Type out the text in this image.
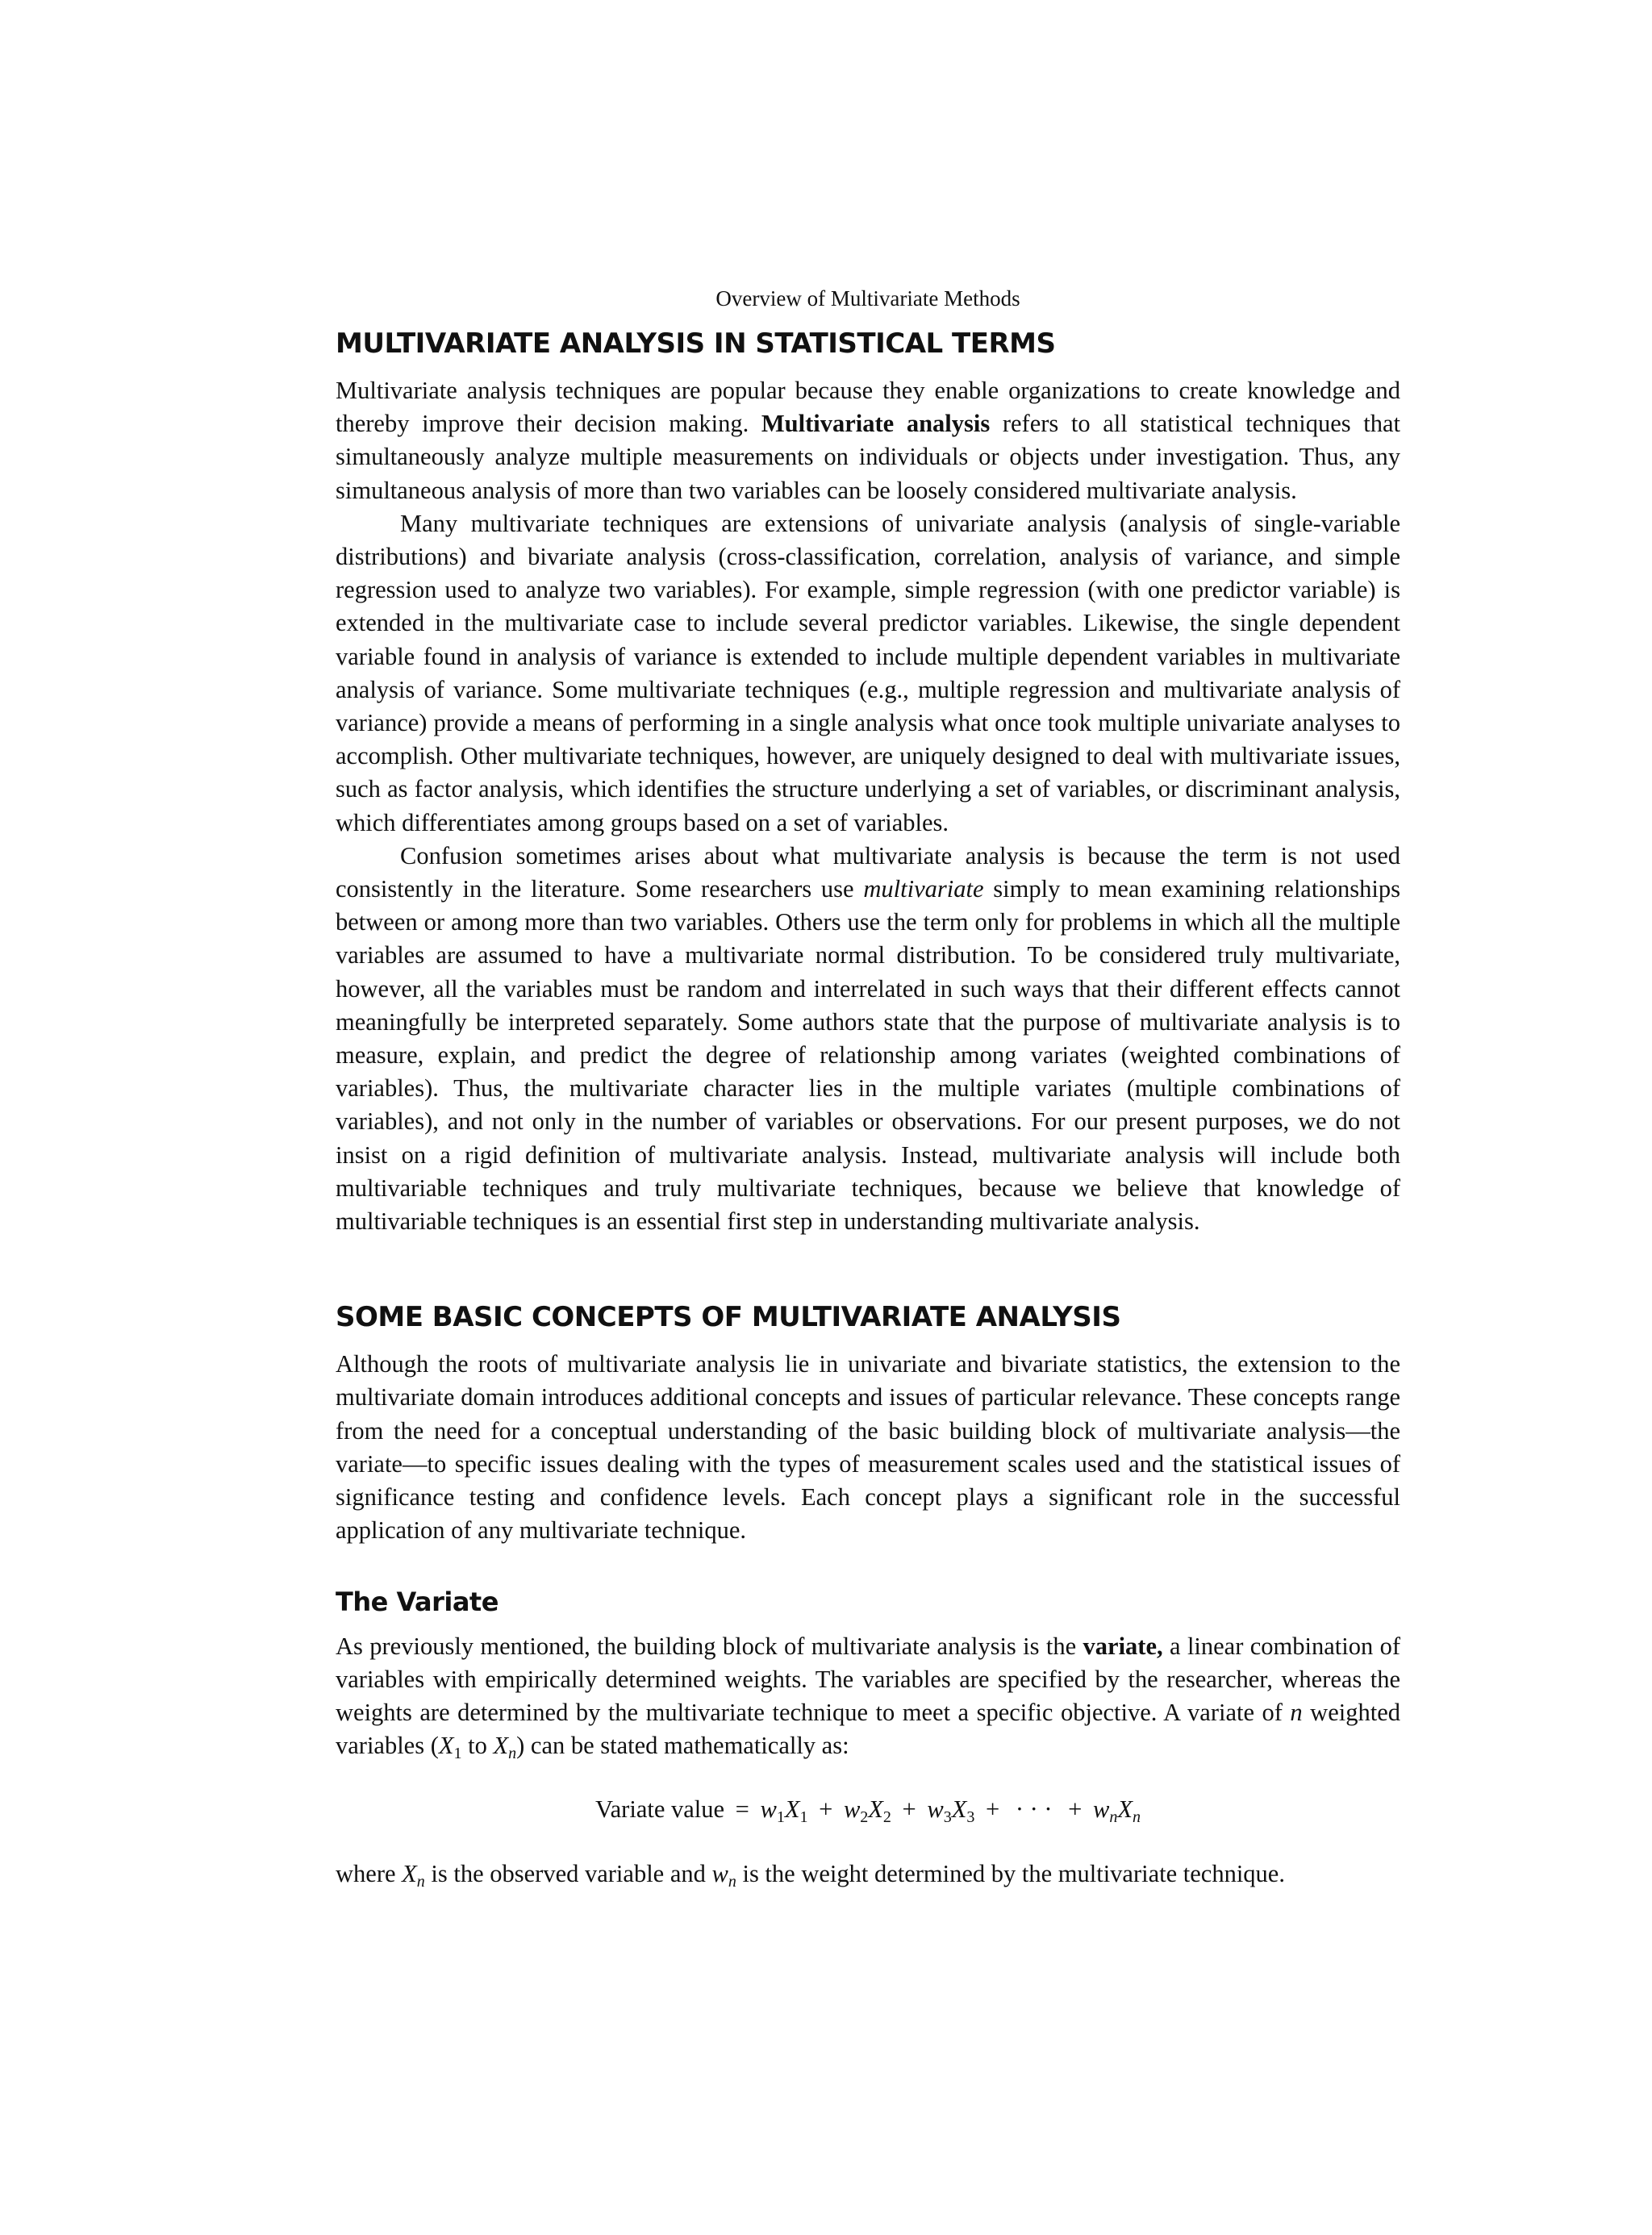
Overview of Multivariate Methods
MULTIVARIATE ANALYSIS IN STATISTICAL TERMS

Multivariate analysis techniques are popular because they enable organizations to create knowledge and thereby improve their decision making. Multivariate analysis refers to all statistical techniques that simultaneously analyze multiple measurements on individuals or objects under investigation. Thus, any simultaneous analysis of more than two variables can be loosely considered multivariate analysis.

Many multivariate techniques are extensions of univariate analysis (analysis of single-variable distributions) and bivariate analysis (cross-classification, correlation, analysis of variance, and simple regression used to analyze two variables). For example, simple regression (with one predictor variable) is extended in the multivariate case to include several predictor variables. Likewise, the single dependent variable found in analysis of variance is extended to include multiple dependent variables in multivariate analysis of variance. Some multivariate techniques (e.g., multiple regression and multivariate analysis of variance) provide a means of performing in a single analysis what once took multiple univariate analyses to accomplish. Other multivariate techniques, however, are uniquely designed to deal with multivariate issues, such as factor analysis, which identifies the structure underlying a set of variables, or discriminant analysis, which differentiates among groups based on a set of variables.

Confusion sometimes arises about what multivariate analysis is because the term is not used consistently in the literature. Some researchers use multivariate simply to mean examining relationships between or among more than two variables. Others use the term only for problems in which all the multiple variables are assumed to have a multivariate normal distribution. To be considered truly multivariate, however, all the variables must be random and interrelated in such ways that their different effects cannot meaningfully be interpreted separately. Some authors state that the purpose of multivariate analysis is to measure, explain, and predict the degree of relationship among variates (weighted combinations of variables). Thus, the multivariate character lies in the multiple variates (multiple combinations of variables), and not only in the number of variables or observations. For our present purposes, we do not insist on a rigid definition of multivariate analysis. Instead, multivariate analysis will include both multivariable techniques and truly multivariate techniques, because we believe that knowledge of multivariable techniques is an essential first step in understanding multivariate analysis.

SOME BASIC CONCEPTS OF MULTIVARIATE ANALYSIS

Although the roots of multivariate analysis lie in univariate and bivariate statistics, the extension to the multivariate domain introduces additional concepts and issues of particular relevance. These concepts range from the need for a conceptual understanding of the basic building block of multivariate analysis—the variate—to specific issues dealing with the types of measurement scales used and the statistical issues of significance testing and confidence levels. Each concept plays a significant role in the successful application of any multivariate technique.

The Variate

As previously mentioned, the building block of multivariate analysis is the variate, a linear combination of variables with empirically determined weights. The variables are specified by the researcher, whereas the weights are determined by the multivariate technique to meet a specific objective. A variate of n weighted variables ($X_1$ to $X_n$) can be stated mathematically as:

Variate value = $w_1X_1 + w_2X_2 + w_3X_3$ + · · · + $w_nX_n$

where $X_n$ is the observed variable and $w_n$ is the weight determined by the multivariate technique.
